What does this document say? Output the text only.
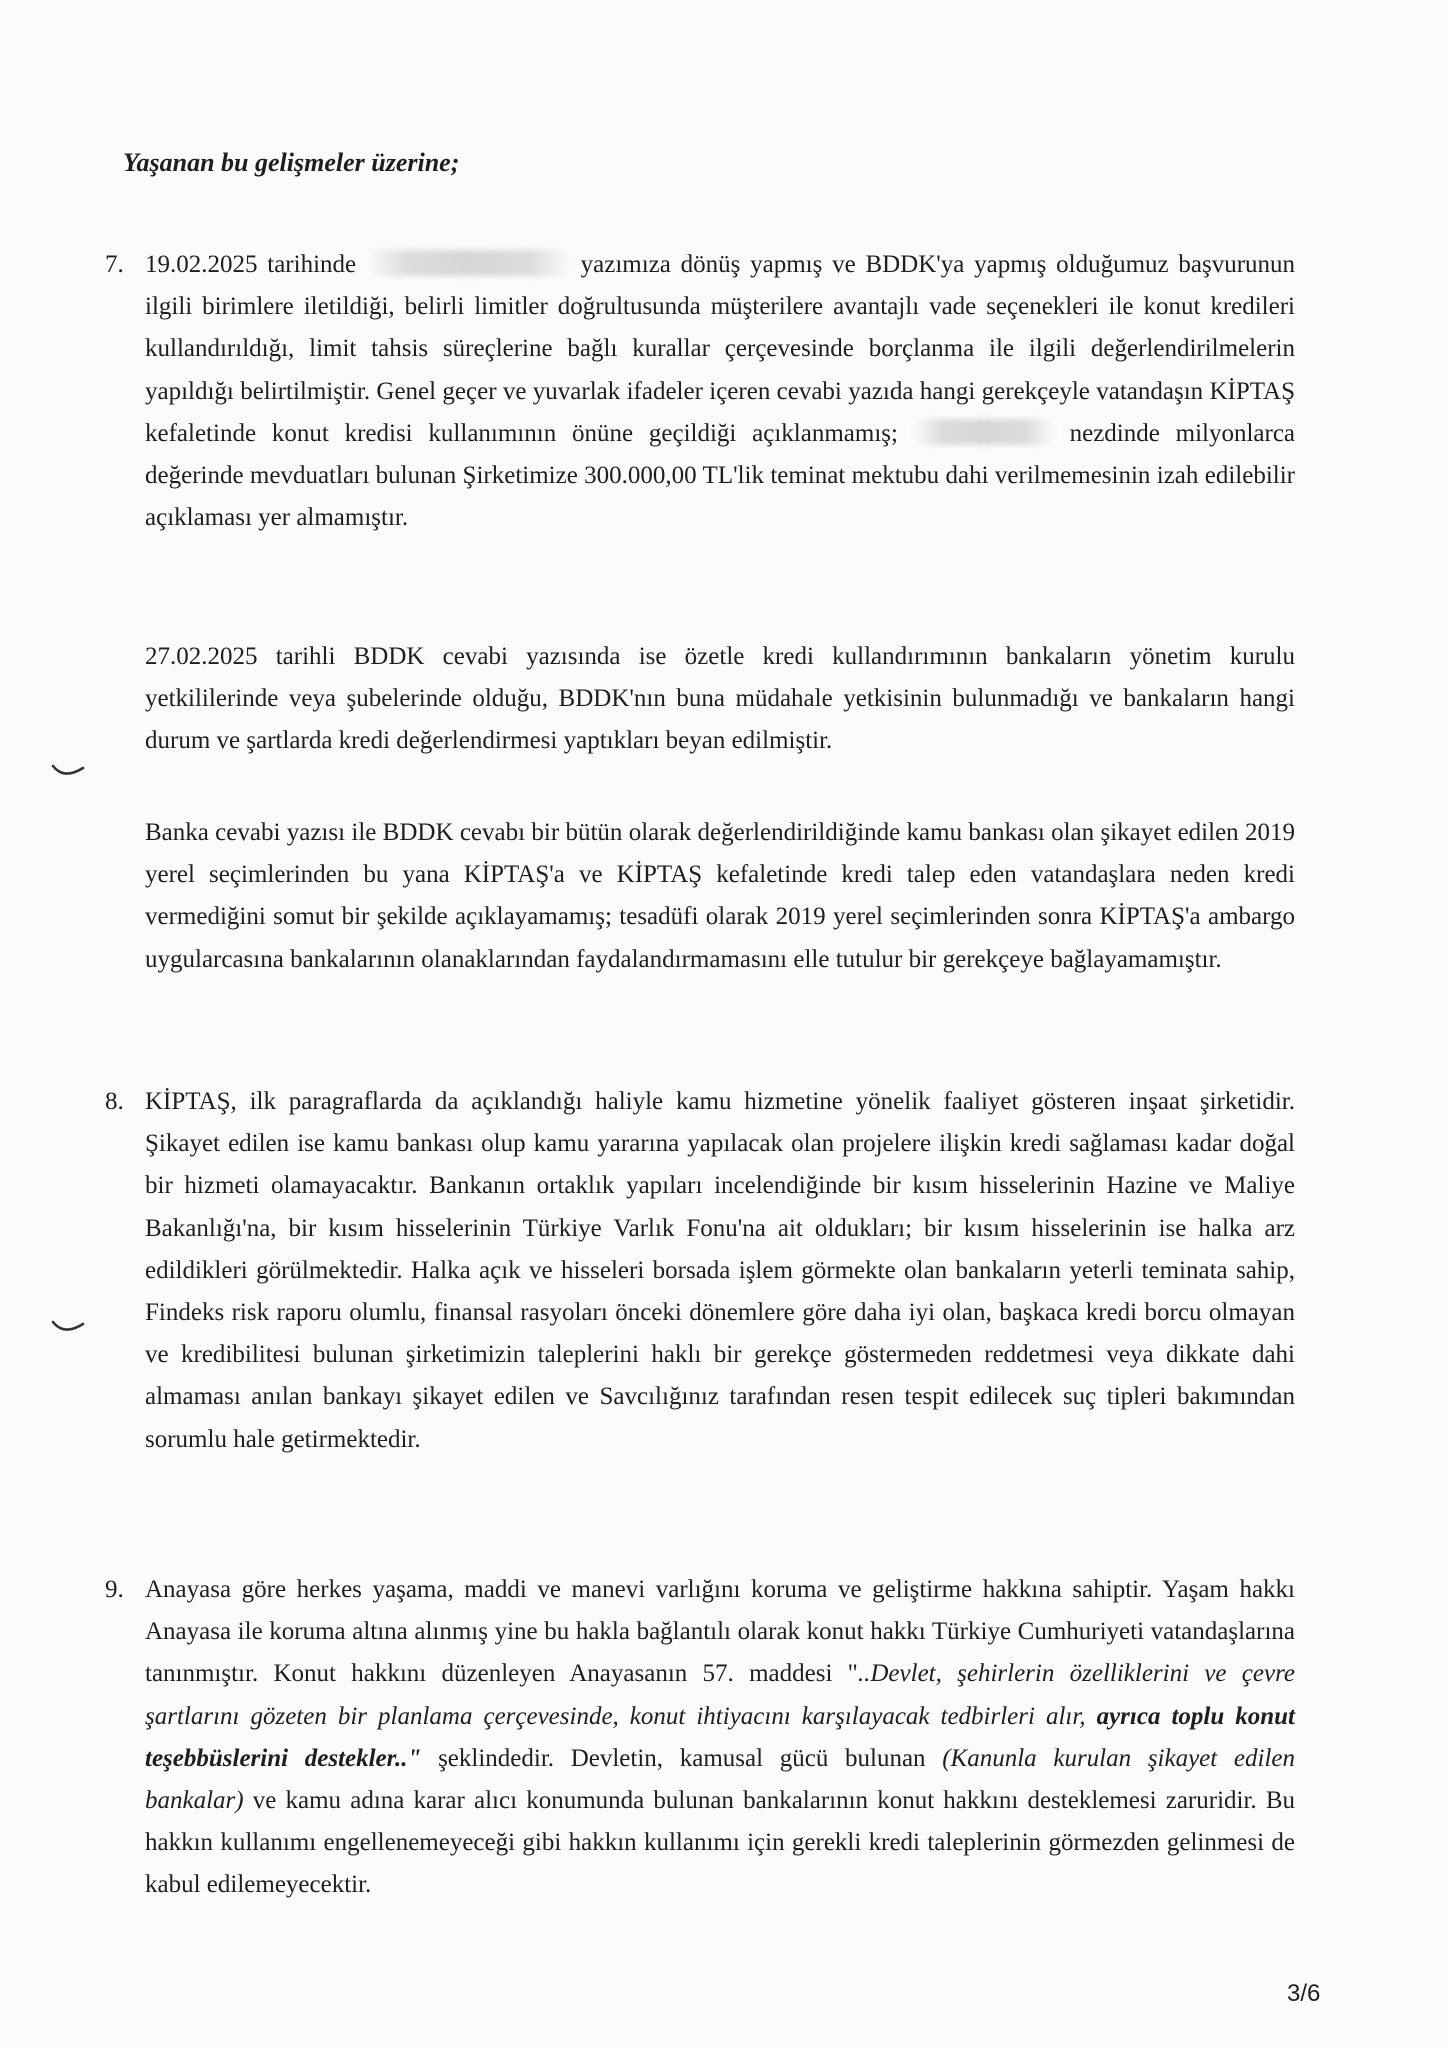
Yaşanan bu gelişmeler üzerine;

7. 19.02.2025 tarihinde	yazımıza dönüş yapmış ve BDDK'ya yapmış olduğumuz başvurunun ilgili birimlere iletildiği, belirli limitler doğrultusunda müşterilere avantajlı vade seçenekleri ile konut kredileri kullandırıldığı, limit tahsis süreçlerine bağlı kurallar çerçevesinde borçlanma ile ilgili değerlendirilmelerin yapıldığı belirtilmiştir. Genel geçer ve yuvarlak ifadeler içeren cevabi yazıda hangi gerekçeyle vatandaşın KİPTAŞ kefaletinde konut kredisi kullanımının önüne geçildiği açıklanmamış;	nezdinde milyonlarca değerinde mevduatları bulunan Şirketimize 300.000,00 TL'lik teminat mektubu dahi verilmemesinin izah edilebilir açıklaması yer almamıştır.

27.02.2025 tarihli BDDK cevabi yazısında ise özetle kredi kullandırımının bankaların yönetim kurulu yetkililerinde veya şubelerinde olduğu, BDDK'nın buna müdahale yetkisinin bulunmadığı ve bankaların hangi durum ve şartlarda kredi değerlendirmesi yaptıkları beyan edilmiştir.

Banka cevabi yazısı ile BDDK cevabı bir bütün olarak değerlendirildiğinde kamu bankası olan şikayet edilen 2019 yerel seçimlerinden bu yana KİPTAŞ'a ve KİPTAŞ kefaletinde kredi talep eden vatandaşlara neden kredi vermediğini somut bir şekilde açıklayamamış; tesadüfi olarak 2019 yerel seçimlerinden sonra KİPTAŞ'a ambargo uygularcasına bankalarının olanaklarından faydalandırmamasını elle tutulur bir gerekçeye bağlayamamıştır.

8. KİPTAŞ, ilk paragraflarda da açıklandığı haliyle kamu hizmetine yönelik faaliyet gösteren inşaat şirketidir. Şikayet edilen ise kamu bankası olup kamu yararına yapılacak olan projelere ilişkin kredi sağlaması kadar doğal bir hizmeti olamayacaktır. Bankanın ortaklık yapıları incelendiğinde bir kısım hisselerinin Hazine ve Maliye Bakanlığı'na, bir kısım hisselerinin Türkiye Varlık Fonu'na ait oldukları; bir kısım hisselerinin ise halka arz edildikleri görülmektedir. Halka açık ve hisseleri borsada işlem görmekte olan bankaların yeterli teminata sahip, Findeks risk raporu olumlu, finansal rasyoları önceki dönemlere göre daha iyi olan, başkaca kredi borcu olmayan ve kredibilitesi bulunan şirketimizin taleplerini haklı bir gerekçe göstermeden reddetmesi veya dikkate dahi almaması anılan bankayı şikayet edilen ve Savcılığınız tarafından resen tespit edilecek suç tipleri bakımından sorumlu hale getirmektedir.

9. Anayasa göre herkes yaşama, maddi ve manevi varlığını koruma ve geliştirme hakkına sahiptir. Yaşam hakkı Anayasa ile koruma altına alınmış yine bu hakla bağlantılı olarak konut hakkı Türkiye Cumhuriyeti vatandaşlarına tanınmıştır. Konut hakkını düzenleyen Anayasanın 57. maddesi "..Devlet, şehirlerin özelliklerini ve çevre şartlarını gözeten bir planlama çerçevesinde, konut ihtiyacını karşılayacak tedbirleri alır, ayrıca toplu konut teşebbüslerini destekler.." şeklindedir. Devletin, kamusal gücü bulunan (Kanunla kurulan şikayet edilen bankalar) ve kamu adına karar alıcı konumunda bulunan bankalarının konut hakkını desteklemesi zaruridir. Bu hakkın kullanımı engellenemeyeceği gibi hakkın kullanımı için gerekli kredi taleplerinin görmezden gelinmesi de kabul edilemeyecektir.

3/6
